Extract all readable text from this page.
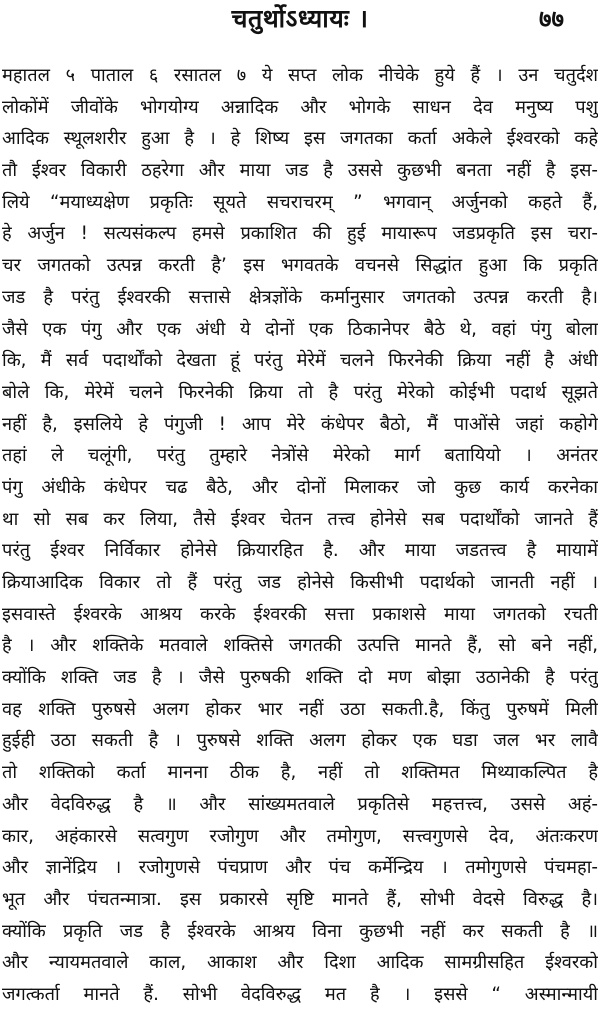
चतुर्थोऽध्यायः ।	७७
महातल ५ पाताल ६ रसातल ७ ये सप्त लोक नीचेके हुये हैं । उन चतुर्दश
लोकोंमें जीवोंके भोगयोग्य अन्नादिक और भोगके साधन देव मनुष्य पशु
आदिक स्थूलशरीर हुआ है । हे शिष्य इस जगतका कर्ता अकेले ईश्वरको कहे
तौ ईश्वर विकारी ठहरेगा और माया जड है उससे कुछभी बनता नहीं है इस-
लिये “मयाध्यक्षेण प्रकृतिः सूयते सचराचरम् ” भगवान् अर्जुनको कहते हैं,
हे अर्जुन ! सत्यसंकल्प हमसे प्रकाशित की हुई मायारूप जडप्रकृति इस चरा-
चर जगतको उत्पन्न करती है’ इस भगवतके वचनसे सिद्धांत हुआ कि प्रकृति
जड है परंतु ईश्वरकी सत्तासे क्षेत्रज्ञोंके कर्मानुसार जगतको उत्पन्न करती है।
जैसे एक पंगु और एक अंधी ये दोनों एक ठिकानेपर बैठे थे, वहां पंगु बोला
कि, मैं सर्व पदार्थोंको देखता हूं परंतु मेरेमें चलने फिरनेकी क्रिया नहीं है अंधी
बोले कि, मेरेमें चलने फिरनेकी क्रिया तो है परंतु मेरेको कोईभी पदार्थ सूझते
नहीं है, इसलिये हे पंगुजी ! आप मेरे कंधेपर बैठो, मैं पाओंसे जहां कहोगे
तहां ले चलूंगी, परंतु तुम्हारे नेत्रोंसे मेरेको मार्ग बतायियो । अनंतर
पंगु अंधीके कंधेपर चढ बैठे, और दोनों मिलाकर जो कुछ कार्य करनेका
था सो सब कर लिया, तैसे ईश्वर चेतन तत्त्व होनेसे सब पदार्थोंको जानते हैं
परंतु ईश्वर निर्विकार होनेसे क्रियारहित है. और माया जडतत्त्व है मायामें
क्रियाआदिक विकार तो हैं परंतु जड होनेसे किसीभी पदार्थको जानती नहीं ।
इसवास्ते ईश्वरके आश्रय करके ईश्वरकी सत्ता प्रकाशसे माया जगतको रचती
है । और शक्तिके मतवाले शक्तिसे जगतकी उत्पत्ति मानते हैं, सो बने नहीं,
क्योंकि शक्ति जड है । जैसे पुरुषकी शक्ति दो मण बोझा उठानेकी है परंतु
वह शक्ति पुरुषसे अलग होकर भार नहीं उठा सकती.है, किंतु पुरुषमें मिली
हुईही उठा सकती है । पुरुषसे शक्ति अलग होकर एक घडा जल भर लावै
तो शक्तिको कर्ता मानना ठीक है, नहीं तो शक्तिमत मिथ्याकल्पित है
और वेदविरुद्ध है ॥ और सांख्यमतवाले प्रकृतिसे महत्तत्त्व, उससे अहं-
कार, अहंकारसे सत्वगुण रजोगुण और तमोगुण, सत्त्वगुणसे देव, अंतःकरण
और ज्ञानेंद्रिय । रजोगुणसे पंचप्राण और पंच कर्मेन्द्रिय । तमोगुणसे पंचमहा-
भूत और पंचतन्मात्रा. इस प्रकारसे सृष्टि मानते हैं, सोभी वेदसे विरुद्ध है।
क्योंकि प्रकृति जड है ईश्वरके आश्रय विना कुछभी नहीं कर सकती है ॥
और न्यायमतवाले काल, आकाश और दिशा आदिक सामग्रीसहित ईश्वरको
जगत्कर्ता मानते हैं. सोभी वेदविरुद्ध मत है । इससे “ अस्मान्मायी
